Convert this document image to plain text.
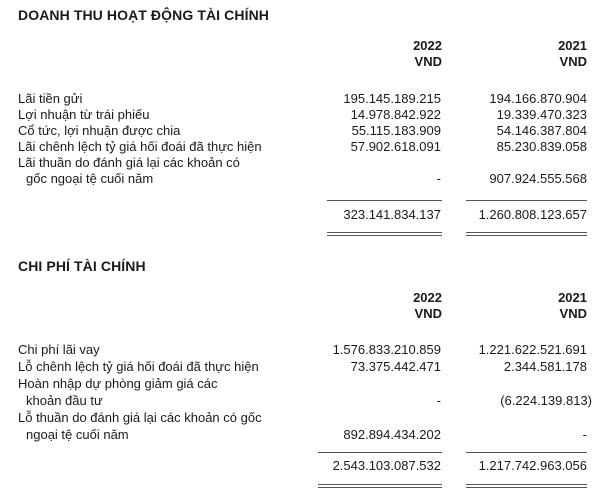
DOANH THU HOẠT ĐỘNG TÀI CHÍNH
2022
VND
2021
VND
Lãi tiền gửi	195.145.189.215	194.166.870.904
Lợi nhuận từ trái phiếu	14.978.842.922	19.339.470.323
Cổ tức, lợi nhuận được chia	55.115.183.909	54.146.387.804
Lãi chênh lệch tỷ giá hối đoái đã thực hiện	57.902.618.091	85.230.839.058
Lãi thuần do đánh giá lại các khoản có
gốc ngoại tệ cuối năm	-	907.924.555.568
323.141.834.137	1.260.808.123.657
CHI PHÍ TÀI CHÍNH
2022
VND
2021
VND
Chi phí lãi vay	1.576.833.210.859	1.221.622.521.691
Lỗ chênh lệch tỷ giá hối đoái đã thực hiện	73.375.442.471	2.344.581.178
Hoàn nhập dự phòng giảm giá các
khoản đầu tư	-	(6.224.139.813)
Lỗ thuần do đánh giá lại các khoản có gốc
ngoại tệ cuối năm	892.894.434.202	-
2.543.103.087.532	1.217.742.963.056
